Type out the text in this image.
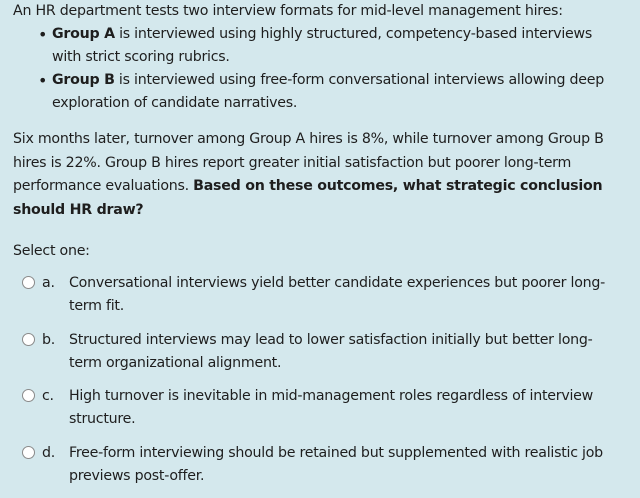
An HR department tests two interview formats for mid-level management hires:
• Group A is interviewed using highly structured, competency-based interviews
with strict scoring rubrics.
• Group B is interviewed using free-form conversational interviews allowing deep
exploration of candidate narratives.
Six months later, turnover among Group A hires is 8%, while turnover among Group B
hires is 22%. Group B hires report greater initial satisfaction but poorer long-term
performance evaluations. Based on these outcomes, what strategic conclusion
should HR draw?
Select one:
a. Conversational interviews yield better candidate experiences but poorer long-
term fit.
b. Structured interviews may lead to lower satisfaction initially but better long-
term organizational alignment.
c. High turnover is inevitable in mid-management roles regardless of interview
structure.
d. Free-form interviewing should be retained but supplemented with realistic job
previews post-offer.
